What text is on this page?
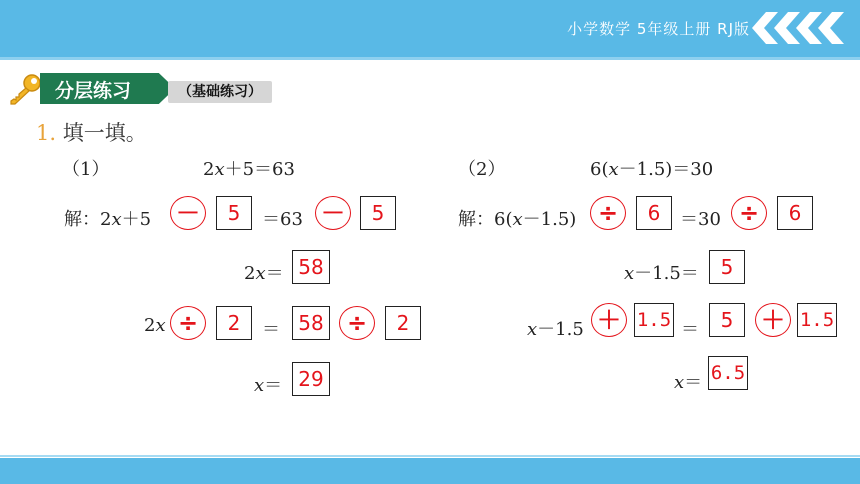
小学数学 5年级上册 RJ版
分层练习	（基础练习）
1. 填一填。
（1）	2x＋5＝63
解：2x＋5 －	5	＝63 －	5
2x＝ 58
2x ÷	2	＝ 58 ÷	2
x＝ 29
（2）	6(x－1.5)＝30
解：6(x－1.5) ÷	6	＝30 ÷	6
x－1.5＝	5
x－1.5 ＋ 1.5 ＝	5	＋ 1.5
x＝ 6.5
